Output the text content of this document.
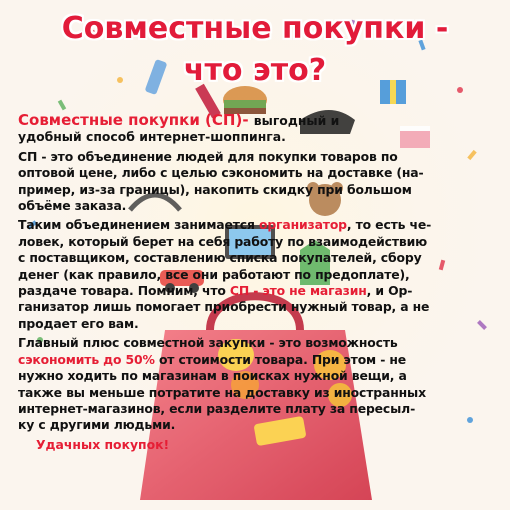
Совместные покупки -
что это?

Совместные покупки (СП)- выгодный и
удобный способ интернет-шоппинга.

СП - это объединение людей для покупки товаров по
оптовой цене, либо с целью сэкономить на доставке (на-
пример, из-за границы), накопить скидку при большом
объёме заказа.

Таким объединением занимается организатор, то есть че-
ловек, который берет на себя работу по взаимодействию
с поставщиком, составлению списка покупателей, сбору
денег (как правило, все они работают по предоплате),
раздаче товара. Помним, что СП - это не магазин, и Ор-
ганизатор лишь помогает приобрести нужный товар, а не
продает его вам.

Главный плюс совместной закупки - это возможность
сэкономить до 50% от стоимости товара. При этом - не
нужно ходить по магазинам в поисках нужной вещи, а
также вы меньше потратите на доставку из иностранных
интернет-магазинов, если разделите плату за пересыл-
ку с другими людьми.

Удачных покупок!
